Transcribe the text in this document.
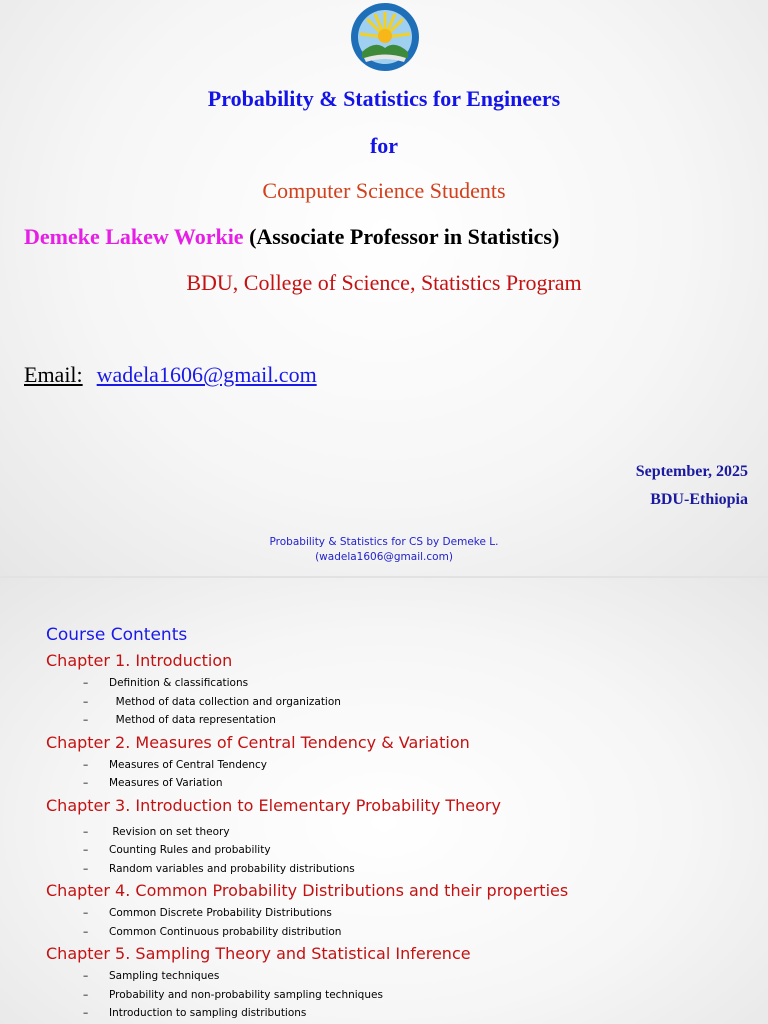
Probability & Statistics for Engineers
for
Computer Science Students
Demeke Lakew Workie (Associate Professor in Statistics)
BDU, College of Science, Statistics Program
Email: wadela1606@gmail.com
September, 2025
BDU-Ethiopia
Probability & Statistics for CS by Demeke L.
(wadela1606@gmail.com)
Course Contents
Chapter 1. Introduction
– Definition & classifications
– Method of data collection and organization
– Method of data representation
Chapter 2. Measures of Central Tendency & Variation
– Measures of Central Tendency
– Measures of Variation
Chapter 3. Introduction to Elementary Probability Theory
– Revision on set theory
– Counting Rules and probability
– Random variables and probability distributions
Chapter 4. Common Probability Distributions and their properties
– Common Discrete Probability Distributions
– Common Continuous probability distribution
Chapter 5. Sampling Theory and Statistical Inference
– Sampling techniques
– Probability and non-probability sampling techniques
– Introduction to sampling distributions
